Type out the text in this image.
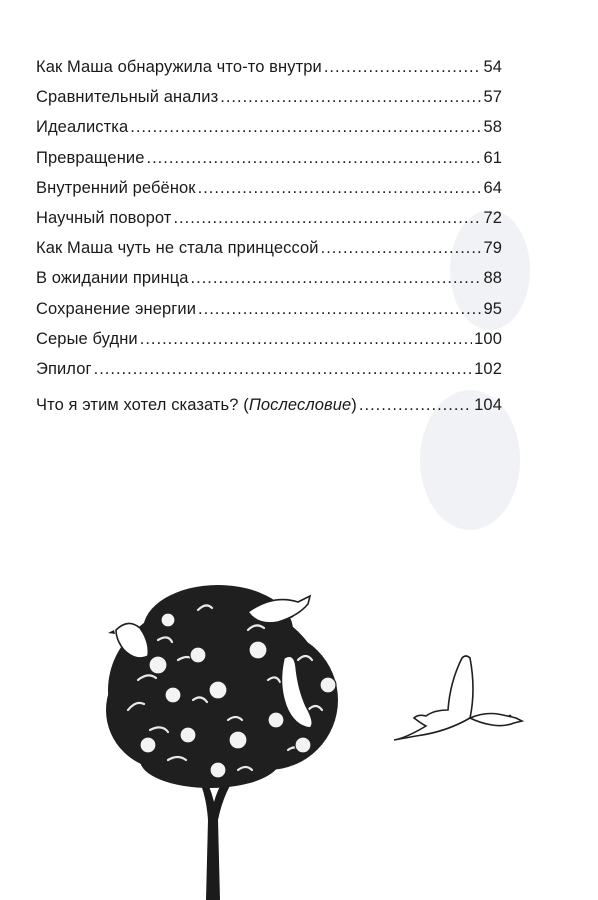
Как Маша обнаружила что-то внутри .....	54
Сравнительный анализ .....	57
Идеалистка .....	58
Превращение .....	61
Внутренний ребёнок .....	64
Научный поворот .....	72
Как Маша чуть не стала принцессой .....	79
В ожидании принца .....	88
Сохранение энергии .....	95
Серые будни .....	100
Эпилог .....	102
Что я этим хотел сказать? (Послесловие) .....	104
